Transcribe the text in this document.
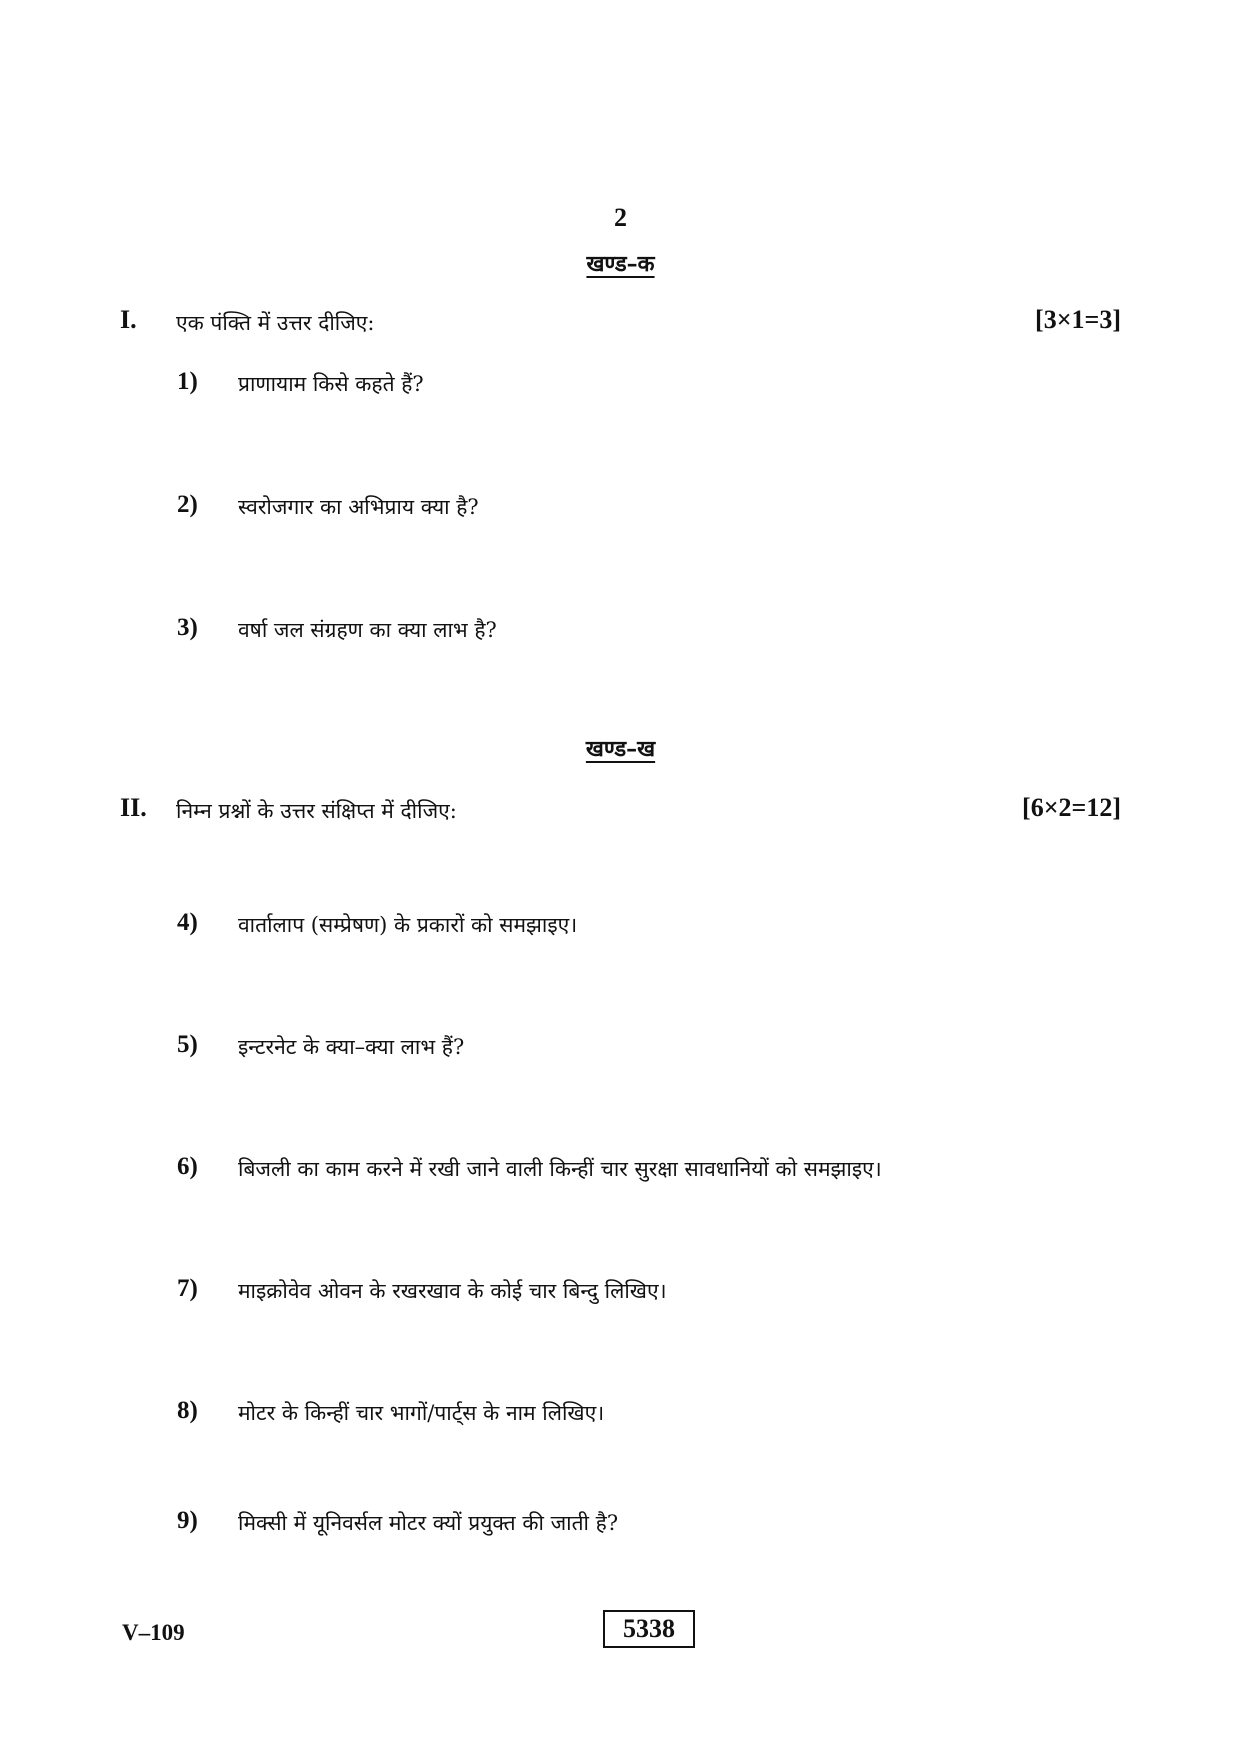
2
खण्ड–क
I. एक पंक्ति में उत्तर दीजिए:	[3×1=3]
1) प्राणायाम किसे कहते हैं?
2) स्वरोजगार का अभिप्राय क्या है?
3) वर्षा जल संग्रहण का क्या लाभ है?
खण्ड–ख
II. निम्न प्रश्नों के उत्तर संक्षिप्त में दीजिए:	[6×2=12]
4) वार्तालाप (सम्प्रेषण) के प्रकारों को समझाइए।
5) इन्टरनेट के क्या–क्या लाभ हैं?
6) बिजली का काम करने में रखी जाने वाली किन्हीं चार सुरक्षा सावधानियों को समझाइए।
7) माइक्रोवेव ओवन के रखरखाव के कोई चार बिन्दु लिखिए।
8) मोटर के किन्हीं चार भागों/पार्ट्स के नाम लिखिए।
9) मिक्सी में यूनिवर्सल मोटर क्यों प्रयुक्त की जाती है?
V–109	5338
